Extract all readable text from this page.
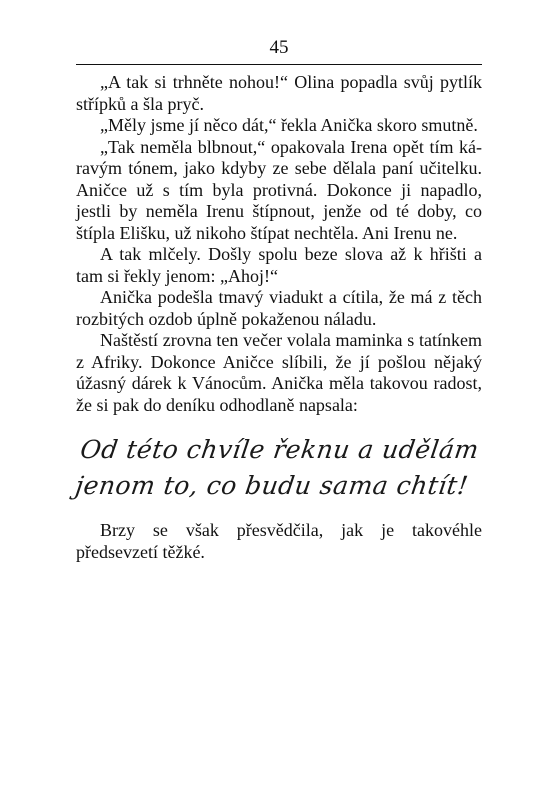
45

„A tak si trhněte nohou!“ Olina popadla svůj pytlík střípků a šla pryč.

„Měly jsme jí něco dát,“ řekla Anička skoro smutně.

„Tak neměla blbnout,“ opakovala Irena opět tím káravým tónem, jako kdyby ze sebe dělala paní učitelku. Aničce už s tím byla protivná. Dokonce ji napadlo, jestli by neměla Irenu štípnout, jenže od té doby, co štípla Elišku, už nikoho štípat nechtěla. Ani Irenu ne.

A tak mlčely. Došly spolu beze slova až k hřišti a tam si řekly jenom: „Ahoj!“

Anička podešla tmavý viadukt a cítila, že má z těch rozbitých ozdob úplně pokaženou náladu.

Naštěstí zrovna ten večer volala maminka s tatínkem z Afriky. Dokonce Aničce slíbili, že jí pošlou nějaký úžasný dárek k Vánocům. Anička měla takovou radost, že si pak do deníku odhodlaně napsala:

Od této chvíle řeknu a udělám
jenom to, co budu sama chtít!

Brzy se však přesvědčila, jak je takovéhle předsevzetí těžké.
